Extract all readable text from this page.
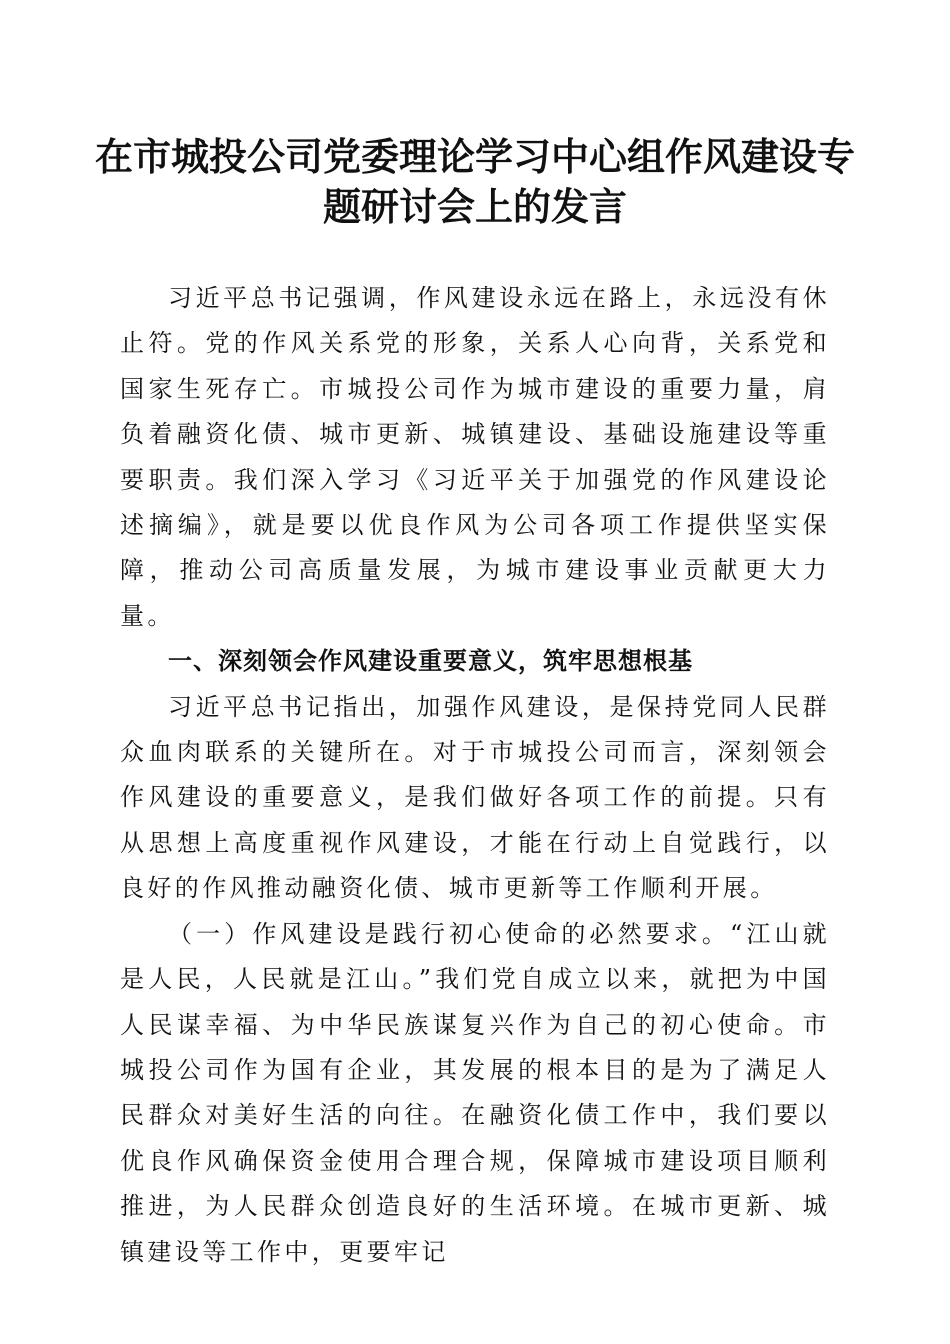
在市城投公司党委理论学习中心组作风建设专
题研讨会上的发言

习近平总书记强调，作风建设永远在路上，永远没有休止符。党的作风关系党的形象，关系人心向背，关系党和国家生死存亡。市城投公司作为城市建设的重要力量，肩负着融资化债、城市更新、城镇建设、基础设施建设等重要职责。我们深入学习《习近平关于加强党的作风建设论述摘编》，就是要以优良作风为公司各项工作提供坚实保障，推动公司高质量发展，为城市建设事业贡献更大力量。

一、深刻领会作风建设重要意义，筑牢思想根基

习近平总书记指出，加强作风建设，是保持党同人民群众血肉联系的关键所在。对于市城投公司而言，深刻领会作风建设的重要意义，是我们做好各项工作的前提。只有从思想上高度重视作风建设，才能在行动上自觉践行，以良好的作风推动融资化债、城市更新等工作顺利开展。

（一）作风建设是践行初心使命的必然要求。“江山就是人民，人民就是江山。”我们党自成立以来，就把为中国人民谋幸福、为中华民族谋复兴作为自己的初心使命。市城投公司作为国有企业，其发展的根本目的是为了满足人民群众对美好生活的向往。在融资化债工作中，我们要以优良作风确保资金使用合理合规，保障城市建设项目顺利推进，为人民群众创造良好的生活环境。在城市更新、城镇建设等工作中，更要牢记
